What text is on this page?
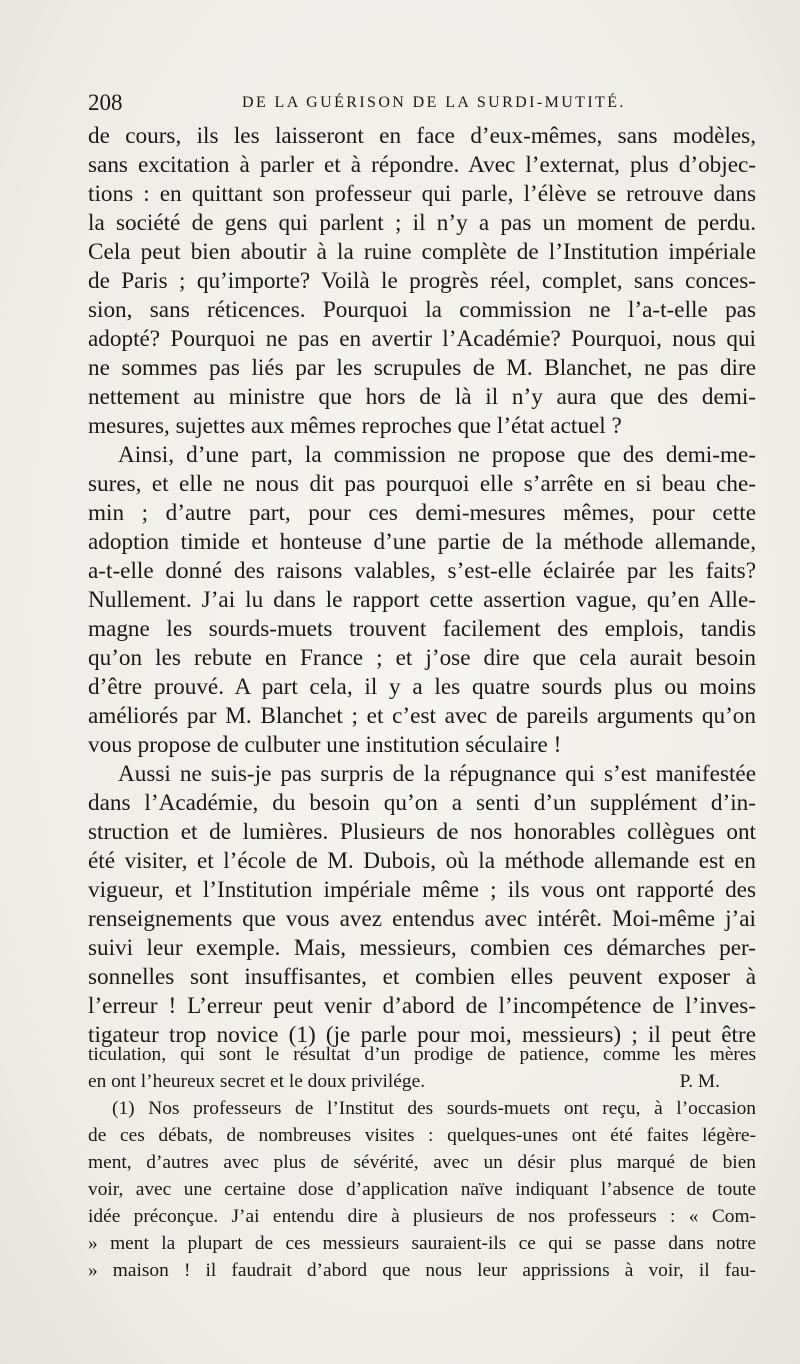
208	DE LA GUÉRISON DE LA SURDI-MUTITÉ.
de cours, ils les laisseront en face d’eux-mêmes, sans modèles,
sans excitation à parler et à répondre. Avec l’externat, plus d’objec-
tions : en quittant son professeur qui parle, l’élève se retrouve dans
la société de gens qui parlent ; il n’y a pas un moment de perdu.
Cela peut bien aboutir à la ruine complète de l’Institution impériale
de Paris ; qu’importe? Voilà le progrès réel, complet, sans conces-
sion, sans réticences. Pourquoi la commission ne l’a-t-elle pas
adopté? Pourquoi ne pas en avertir l’Académie? Pourquoi, nous qui
ne sommes pas liés par les scrupules de M. Blanchet, ne pas dire
nettement au ministre que hors de là il n’y aura que des demi-
mesures, sujettes aux mêmes reproches que l’état actuel ?
Ainsi, d’une part, la commission ne propose que des demi-me-
sures, et elle ne nous dit pas pourquoi elle s’arrête en si beau che-
min ; d’autre part, pour ces demi-mesures mêmes, pour cette
adoption timide et honteuse d’une partie de la méthode allemande,
a-t-elle donné des raisons valables, s’est-elle éclairée par les faits?
Nullement. J’ai lu dans le rapport cette assertion vague, qu’en Alle-
magne les sourds-muets trouvent facilement des emplois, tandis
qu’on les rebute en France ; et j’ose dire que cela aurait besoin
d’être prouvé. A part cela, il y a les quatre sourds plus ou moins
améliorés par M. Blanchet ; et c’est avec de pareils arguments qu’on
vous propose de culbuter une institution séculaire !
Aussi ne suis-je pas surpris de la répugnance qui s’est manifestée
dans l’Académie, du besoin qu’on a senti d’un supplément d’in-
struction et de lumières. Plusieurs de nos honorables collègues ont
été visiter, et l’école de M. Dubois, où la méthode allemande est en
vigueur, et l’Institution impériale même ; ils vous ont rapporté des
renseignements que vous avez entendus avec intérêt. Moi-même j’ai
suivi leur exemple. Mais, messieurs, combien ces démarches per-
sonnelles sont insuffisantes, et combien elles peuvent exposer à
l’erreur ! L’erreur peut venir d’abord de l’incompétence de l’inves-
tigateur trop novice (1) (je parle pour moi, messieurs) ; il peut être
ticulation, qui sont le résultat d’un prodige de patience, comme les mères
en ont l’heureux secret et le doux privilége.	P. M.
(1) Nos professeurs de l’Institut des sourds-muets ont reçu, à l’occasion
de ces débats, de nombreuses visites : quelques-unes ont été faites légère-
ment, d’autres avec plus de sévérité, avec un désir plus marqué de bien
voir, avec une certaine dose d’application naïve indiquant l’absence de toute
idée préconçue. J’ai entendu dire à plusieurs de nos professeurs : « Com-
» ment la plupart de ces messieurs sauraient-ils ce qui se passe dans notre
» maison ! il faudrait d’abord que nous leur apprissions à voir, il fau-
